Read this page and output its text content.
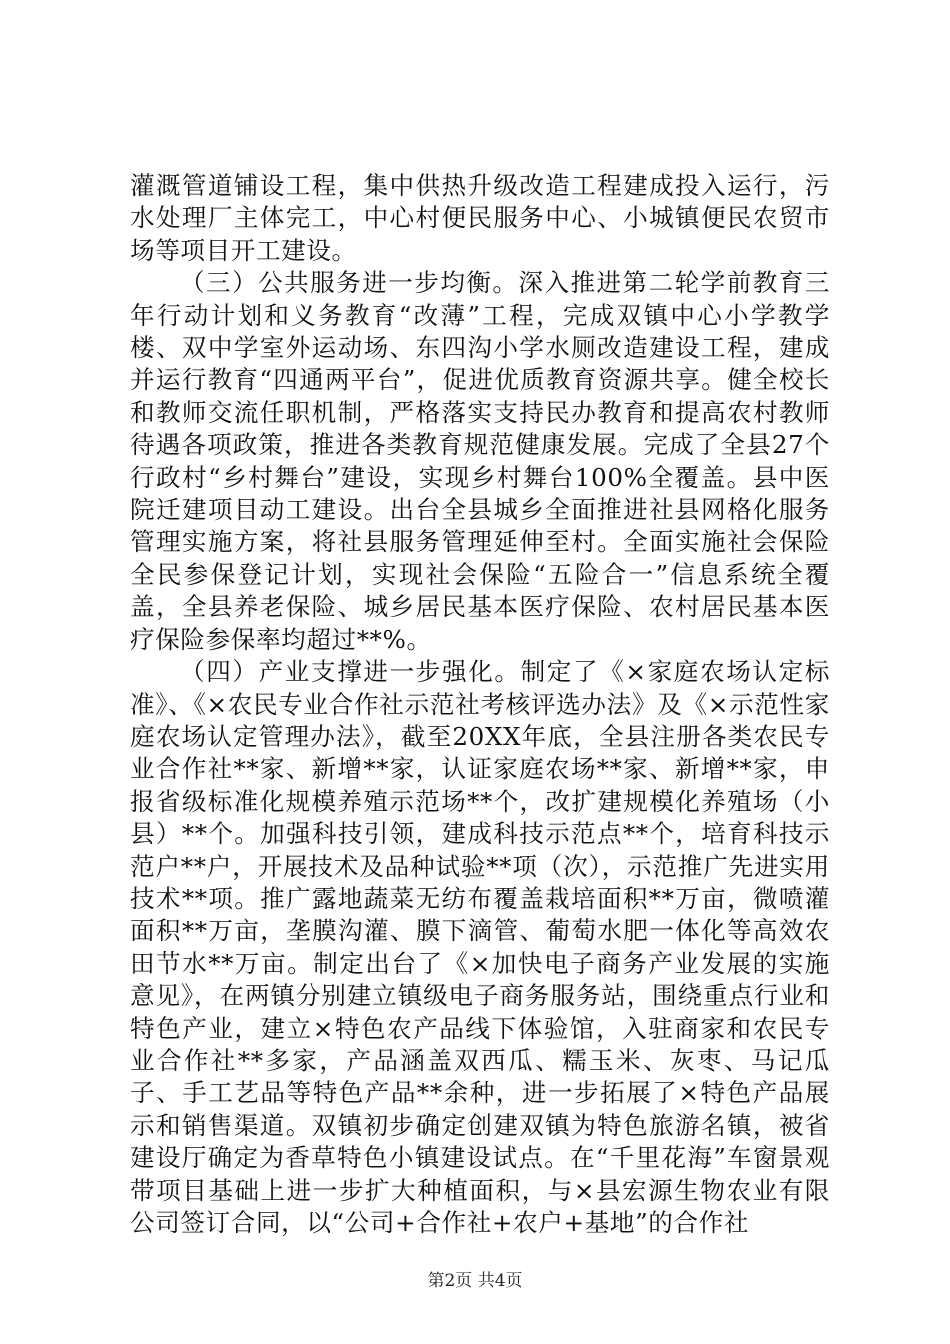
灌溉管道铺设工程，集中供热升级改造工程建成投入运行，污水处理厂主体完工，中心村便民服务中心、小城镇便民农贸市场等项目开工建设。

（三）公共服务进一步均衡。深入推进第二轮学前教育三年行动计划和义务教育“改薄”工程，完成双镇中心小学教学楼、双中学室外运动场、东四沟小学水厕改造建设工程，建成并运行教育“四通两平台”，促进优质教育资源共享。健全校长和教师交流任职机制，严格落实支持民办教育和提高农村教师待遇各项政策，推进各类教育规范健康发展。完成了全县27个行政村“乡村舞台”建设，实现乡村舞台100%全覆盖。县中医院迁建项目动工建设。出台全县城乡全面推进社县网格化服务管理实施方案，将社县服务管理延伸至村。全面实施社会保险全民参保登记计划，实现社会保险“五险合一”信息系统全覆盖，全县养老保险、城乡居民基本医疗保险、农村居民基本医疗保险参保率均超过**%。

（四）产业支撑进一步强化。制定了《×家庭农场认定标准》、《×农民专业合作社示范社考核评选办法》及《×示范性家庭农场认定管理办法》，截至20XX年底，全县注册各类农民专业合作社**家、新增**家，认证家庭农场**家、新增**家，申报省级标准化规模养殖示范场**个，改扩建规模化养殖场（小县）**个。加强科技引领，建成科技示范点**个，培育科技示范户**户，开展技术及品种试验**项（次），示范推广先进实用技术**项。推广露地蔬菜无纺布覆盖栽培面积**万亩，微喷灌面积**万亩，垄膜沟灌、膜下滴管、葡萄水肥一体化等高效农田节水**万亩。制定出台了《×加快电子商务产业发展的实施意见》，在两镇分别建立镇级电子商务服务站，围绕重点行业和特色产业，建立×特色农产品线下体验馆，入驻商家和农民专业合作社**多家，产品涵盖双西瓜、糯玉米、灰枣、马记瓜子、手工艺品等特色产品**余种，进一步拓展了×特色产品展示和销售渠道。双镇初步确定创建双镇为特色旅游名镇，被省建设厅确定为香草特色小镇建设试点。在“千里花海”车窗景观带项目基础上进一步扩大种植面积，与×县宏源生物农业有限公司签订合同，以“公司+合作社+农户+基地”的合作社

第2页 共4页
